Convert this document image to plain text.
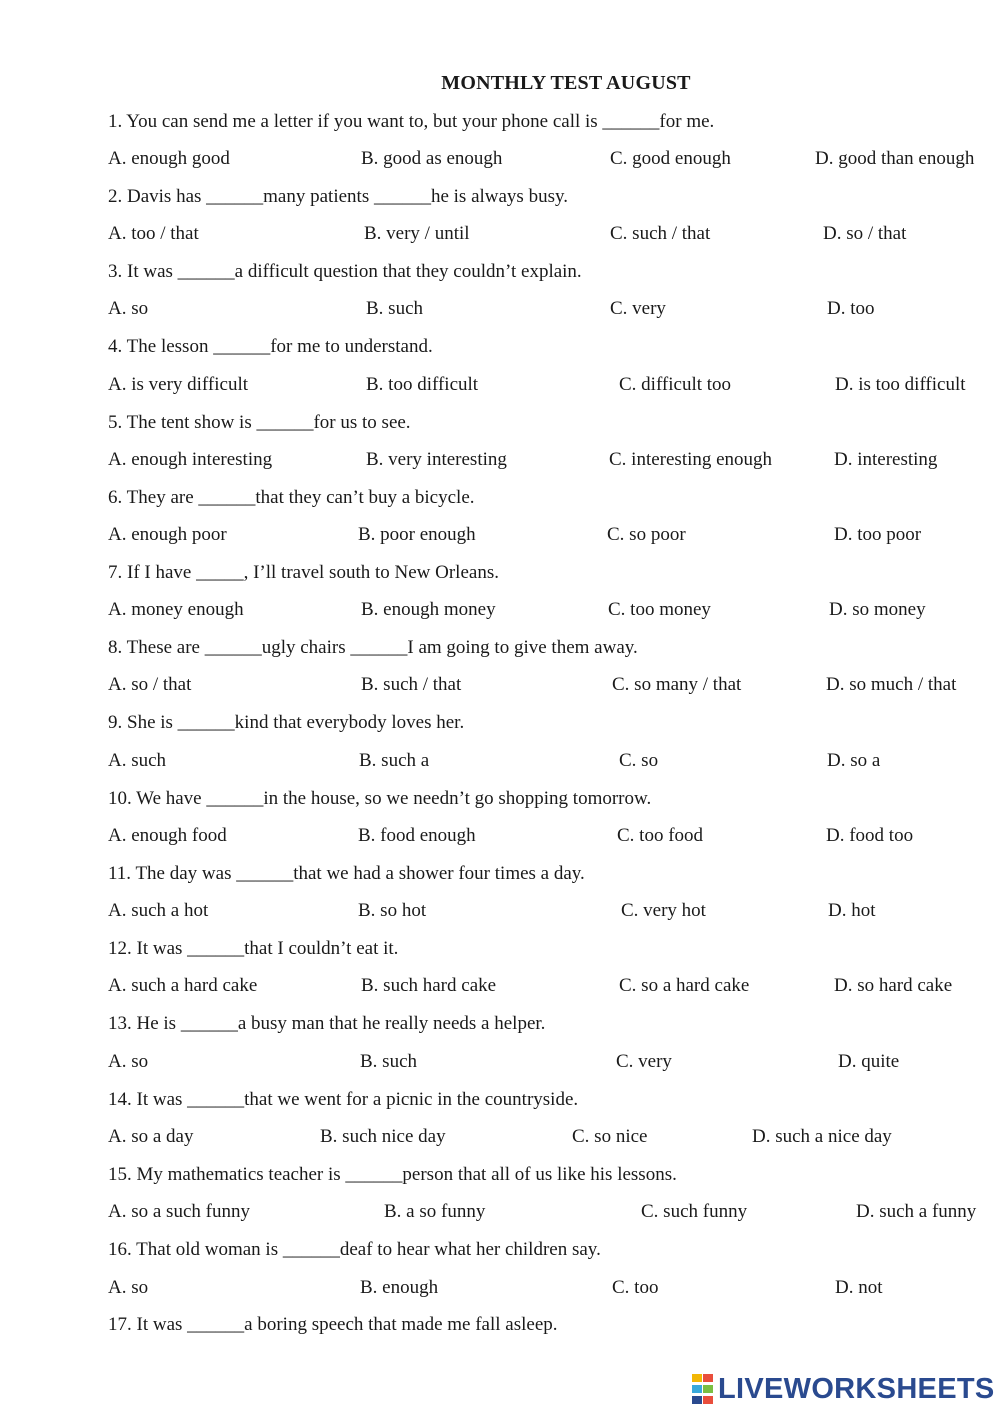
MONTHLY TEST AUGUST
1. You can send me a letter if you want to, but your phone call is ______for me.
A. enough good	B. good as enough	C. good enough	D. good than enough
2. Davis has ______many patients ______he is always busy.
A. too / that	B. very / until	C. such / that	D. so / that
3. It was ______a difficult question that they couldn’t explain.
A. so	B. such	C. very	D. too
4. The lesson ______for me to understand.
A. is very difficult	B. too difficult	C. difficult too	D. is too difficult
5. The tent show is ______for us to see.
A. enough interesting	B. very interesting	C. interesting enough	D. interesting
6. They are ______that they can’t buy a bicycle.
A. enough poor	B. poor enough	C. so poor	D. too poor
7. If I have _____, I’ll travel south to New Orleans.
A. money enough	B. enough money	C. too money	D. so money
8. These are ______ugly chairs ______I am going to give them away.
A. so / that	B. such / that	C. so many / that	D. so much / that
9. She is ______kind that everybody loves her.
A. such	B. such a	C. so	D. so a
10. We have ______in the house, so we needn’t go shopping tomorrow.
A. enough food	B. food enough	C. too food	D. food too
11. The day was ______that we had a shower four times a day.
A. such a hot	B. so hot	C. very hot	D. hot
12. It was ______that I couldn’t eat it.
A. such a hard cake	B. such hard cake	C. so a hard cake	D. so hard cake
13. He is ______a busy man that he really needs a helper.
A. so	B. such	C. very	D. quite
14. It was ______that we went for a picnic in the countryside.
A. so a day	B. such nice day	C. so nice	D. such a nice day
15. My mathematics teacher is ______person that all of us like his lessons.
A. so a such funny	B. a so funny	C. such funny	D. such a funny
16. That old woman is ______deaf to hear what her children say.
A. so	B. enough	C. too	D. not
17. It was ______a boring speech that made me fall asleep.
LIVEWORKSHEETS
